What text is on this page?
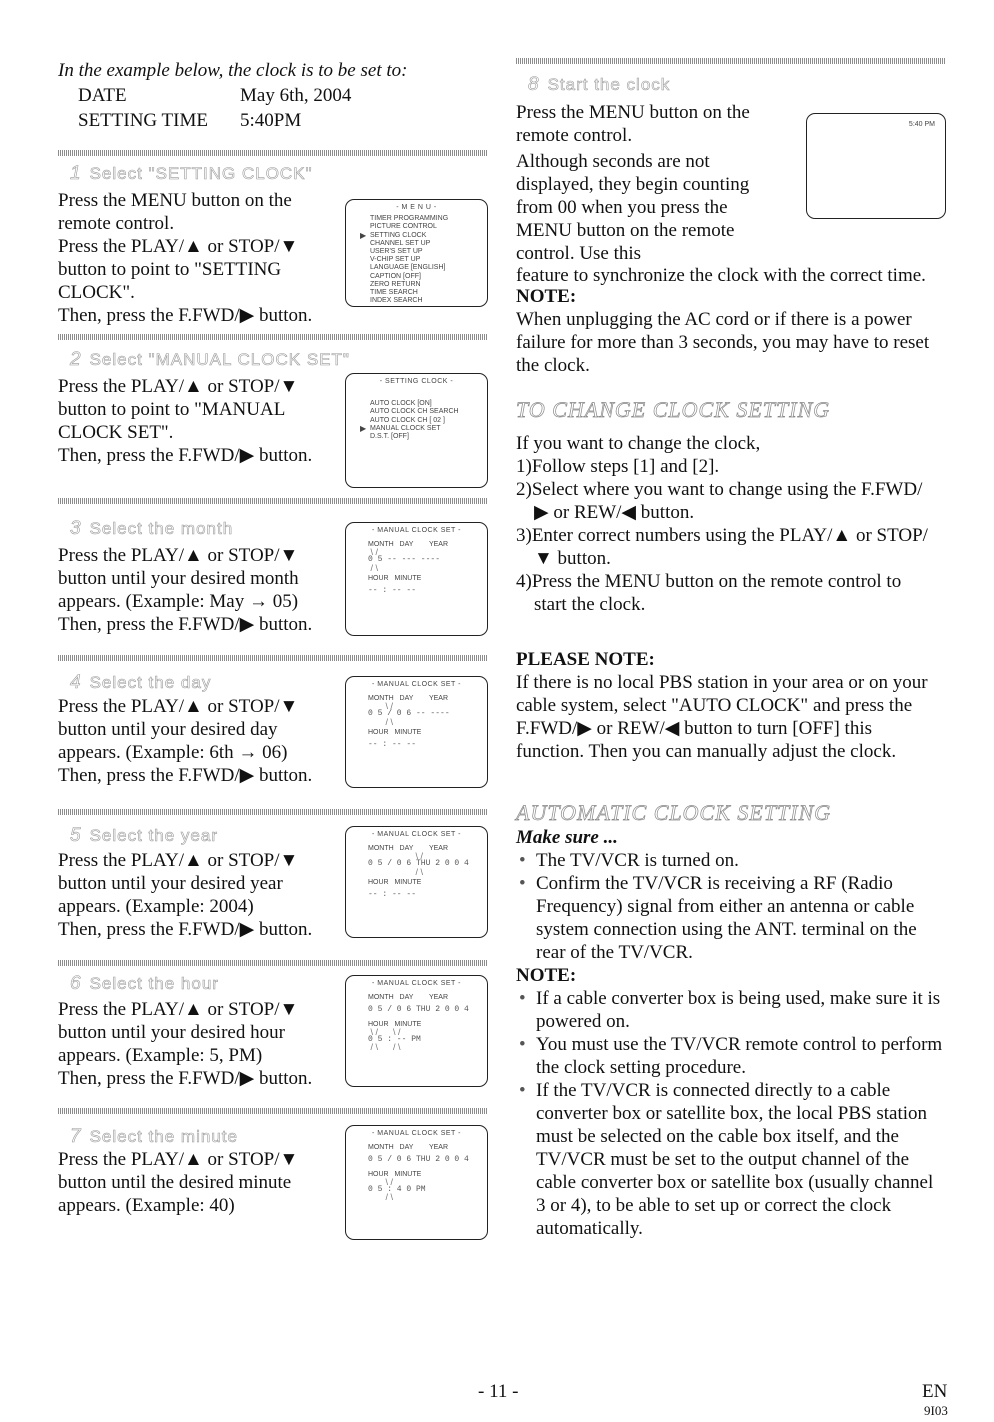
In the example below, the clock is to be set to:
DATE	May 6th, 2004
SETTING TIME	5:40PM
1 Select "SETTING CLOCK"

Press the MENU button on the remote control.

Press the PLAY/▲ or STOP/▼ button to point to "SETTING CLOCK".

Then, press the F.FWD/▶ button.

- M E N U -
TIMER PROGRAMMING
PICTURE CONTROL
▶ SETTING CLOCK
CHANNEL SET UP
USER'S SET UP
V-CHIP SET UP
LANGUAGE [ENGLISH]
CAPTION [OFF]
ZERO RETURN
TIME SEARCH
INDEX SEARCH
2 Select "MANUAL CLOCK SET"

Press the PLAY/▲ or STOP/▼ button to point to "MANUAL CLOCK SET".

Then, press the F.FWD/▶ button.

- SETTING CLOCK -
AUTO CLOCK [ON]
AUTO CLOCK CH SEARCH
AUTO CLOCK CH [ 02 ]
▶ MANUAL CLOCK SET
D.S.T. [OFF]
3 Select the month

Press the PLAY/▲ or STOP/▼ button until your desired month appears. (Example: May → 05)

Then, press the F.FWD/▶ button.

4 Select the day

Press the PLAY/▲ or STOP/▼ button until your desired day appears. (Example: 6th → 06)

Then, press the F.FWD/▶ button.

5 Select the year

Press the PLAY/▲ or STOP/▼ button until your desired year appears. (Example: 2004)

Then, press the F.FWD/▶ button.

6 Select the hour

Press the PLAY/▲ or STOP/▼ button until your desired hour appears. (Example: 5, PM)

Then, press the F.FWD/▶ button.

7 Select the minute

Press the PLAY/▲ or STOP/▼ button until the desired minute appears. (Example: 40)

- MANUAL CLOCK SET -
MONTH DAY YEAR
\ /
0 5 -- --- ----
/ \
HOUR MINUTE
-- : -- --
- MANUAL CLOCK SET -
MONTH DAY YEAR
\ /
0 5 / 0 6 -- ----
/ \
HOUR MINUTE
-- : -- --
- MANUAL CLOCK SET -
MONTH DAY YEAR
\ /
0 5 / 0 6 THU 2 0 0 4
/ \
HOUR MINUTE
-- : -- --
- MANUAL CLOCK SET -
MONTH DAY YEAR
0 5 / 0 6 THU 2 0 0 4
HOUR MINUTE
\ /      \ /
0 5 : -- PM
/ \      / \
- MANUAL CLOCK SET -
MONTH DAY YEAR
0 5 / 0 6 THU 2 0 0 4
HOUR MINUTE
\ /
0 5 : 4 0 PM
/ \
8 Start the clock
5:40 PM

Press the MENU button on the remote control.

Although seconds are not displayed, they begin counting from 00 when you press the MENU button on the remote control. Use this

feature to synchronize the clock with the correct time.

NOTE:

When unplugging the AC cord or if there is a power failure for more than 3 seconds, you may have to reset the clock.

TO CHANGE CLOCK SETTING

If you want to change the clock,

1)Follow steps [1] and [2].
2)Select where you want to change using the F.FWD/▶ or REW/◀ button.
3)Enter correct numbers using the PLAY/▲ or STOP/▼ button.
4)Press the MENU button on the remote control to start the clock.

PLEASE NOTE:

If there is no local PBS station in your area or on your cable system, select "AUTO CLOCK" and press the F.FWD/▶ or REW/◀ button to turn [OFF] this function. Then you can manually adjust the clock.

AUTOMATIC CLOCK SETTING

Make sure ...

• The TV/VCR is turned on.
• Confirm the TV/VCR is receiving a RF (Radio Frequency) signal from either an antenna or cable system connection using the ANT. terminal on the rear of the TV/VCR.

NOTE:

• If a cable converter box is being used, make sure it is powered on.
• You must use the TV/VCR remote control to perform the clock setting procedure.
• If the TV/VCR is connected directly to a cable converter box or satellite box, the local PBS station must be selected on the cable box itself, and the TV/VCR must be set to the output channel of the cable converter box or satellite box (usually channel 3 or 4), to be able to set up or correct the clock automatically.
- 11 -	EN
9I03
